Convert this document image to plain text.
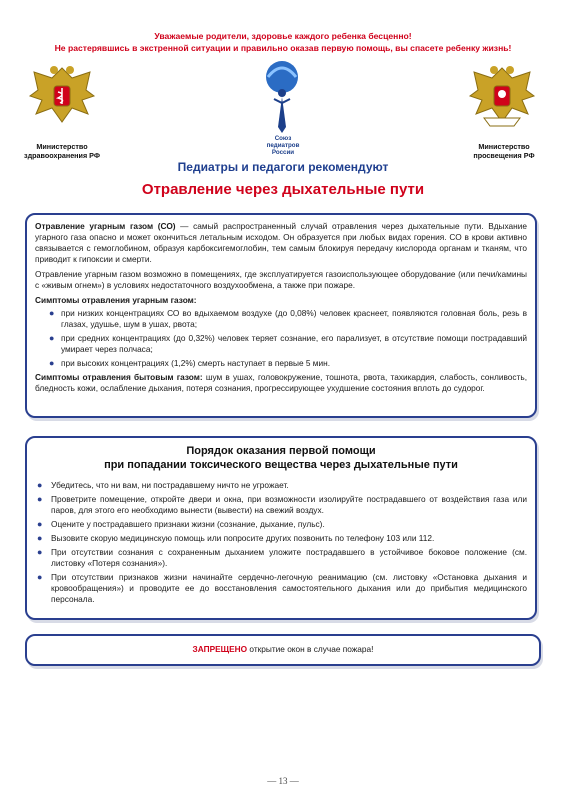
Уважаемые родители, здоровье каждого ребенка бесценно!
Не растерявшись в экстренной ситуации и правильно оказав первую помощь, вы спасете ребенку жизнь!
Министерство
здравоохранения РФ
Союз
педиатров
России
Министерство
просвещения РФ
Педиатры и педагоги рекомендуют
Отравление через дыхательные пути

Отравление угарным газом (СО) — самый распространенный случай отравления через дыхательные пути. Вдыхание угарного газа опасно и может окончиться летальным исходом. Он образуется при любых видах горения. СО в крови активно связывается с гемоглобином, образуя карбоксигемоглобин, тем самым блокируя передачу кислорода органам и тканям, что приводит к гипоксии и смерти.

Отравление угарным газом возможно в помещениях, где эксплуатируется газоиспользующее оборудование (или печи/камины с «живым огнем») в условиях недостаточного воздухообмена, а также при пожаре.

Симптомы отравления угарным газом:

● при низких концентрациях СО во вдыхаемом воздухе (до 0,08%) человек краснеет, появляются головная боль, резь в глазах, удушье, шум в ушах, рвота;
● при средних концентрациях (до 0,32%) человек теряет сознание, его парализует, в отсутствие помощи пострадавший умирает через полчаса;
● при высоких концентрациях (1,2%) смерть наступает в первые 5 мин.

Симптомы отравления бытовым газом: шум в ушах, головокружение, тошнота, рвота, тахикардия, слабость, сонливость, бледность кожи, ослабление дыхания, потеря сознания, прогрессирующее ухудшение состояния вплоть до судорог.

Порядок оказания первой помощи
при попадании токсического вещества через дыхательные пути
● Убедитесь, что ни вам, ни пострадавшему ничто не угрожает.
● Проветрите помещение, откройте двери и окна, при возможности изолируйте пострадавшего от воздействия газа или паров, для этого его необходимо вынести (вывести) на свежий воздух.
● Оцените у пострадавшего признаки жизни (сознание, дыхание, пульс).
● Вызовите скорую медицинскую помощь или попросите других позвонить по телефону 103 или 112.
● При отсутствии сознания с сохраненным дыханием уложите пострадавшего в устойчивое боковое положение (см. листовку «Потеря сознания»).
● При отсутствии признаков жизни начинайте сердечно-легочную реанимацию (см. листовку «Остановка дыхания и кровообращения») и проводите ее до восстановления самостоятельного дыхания или до прибытия медицинского персонала.
ЗАПРЕЩЕНО открытие окон в случае пожара!
— 13 —
